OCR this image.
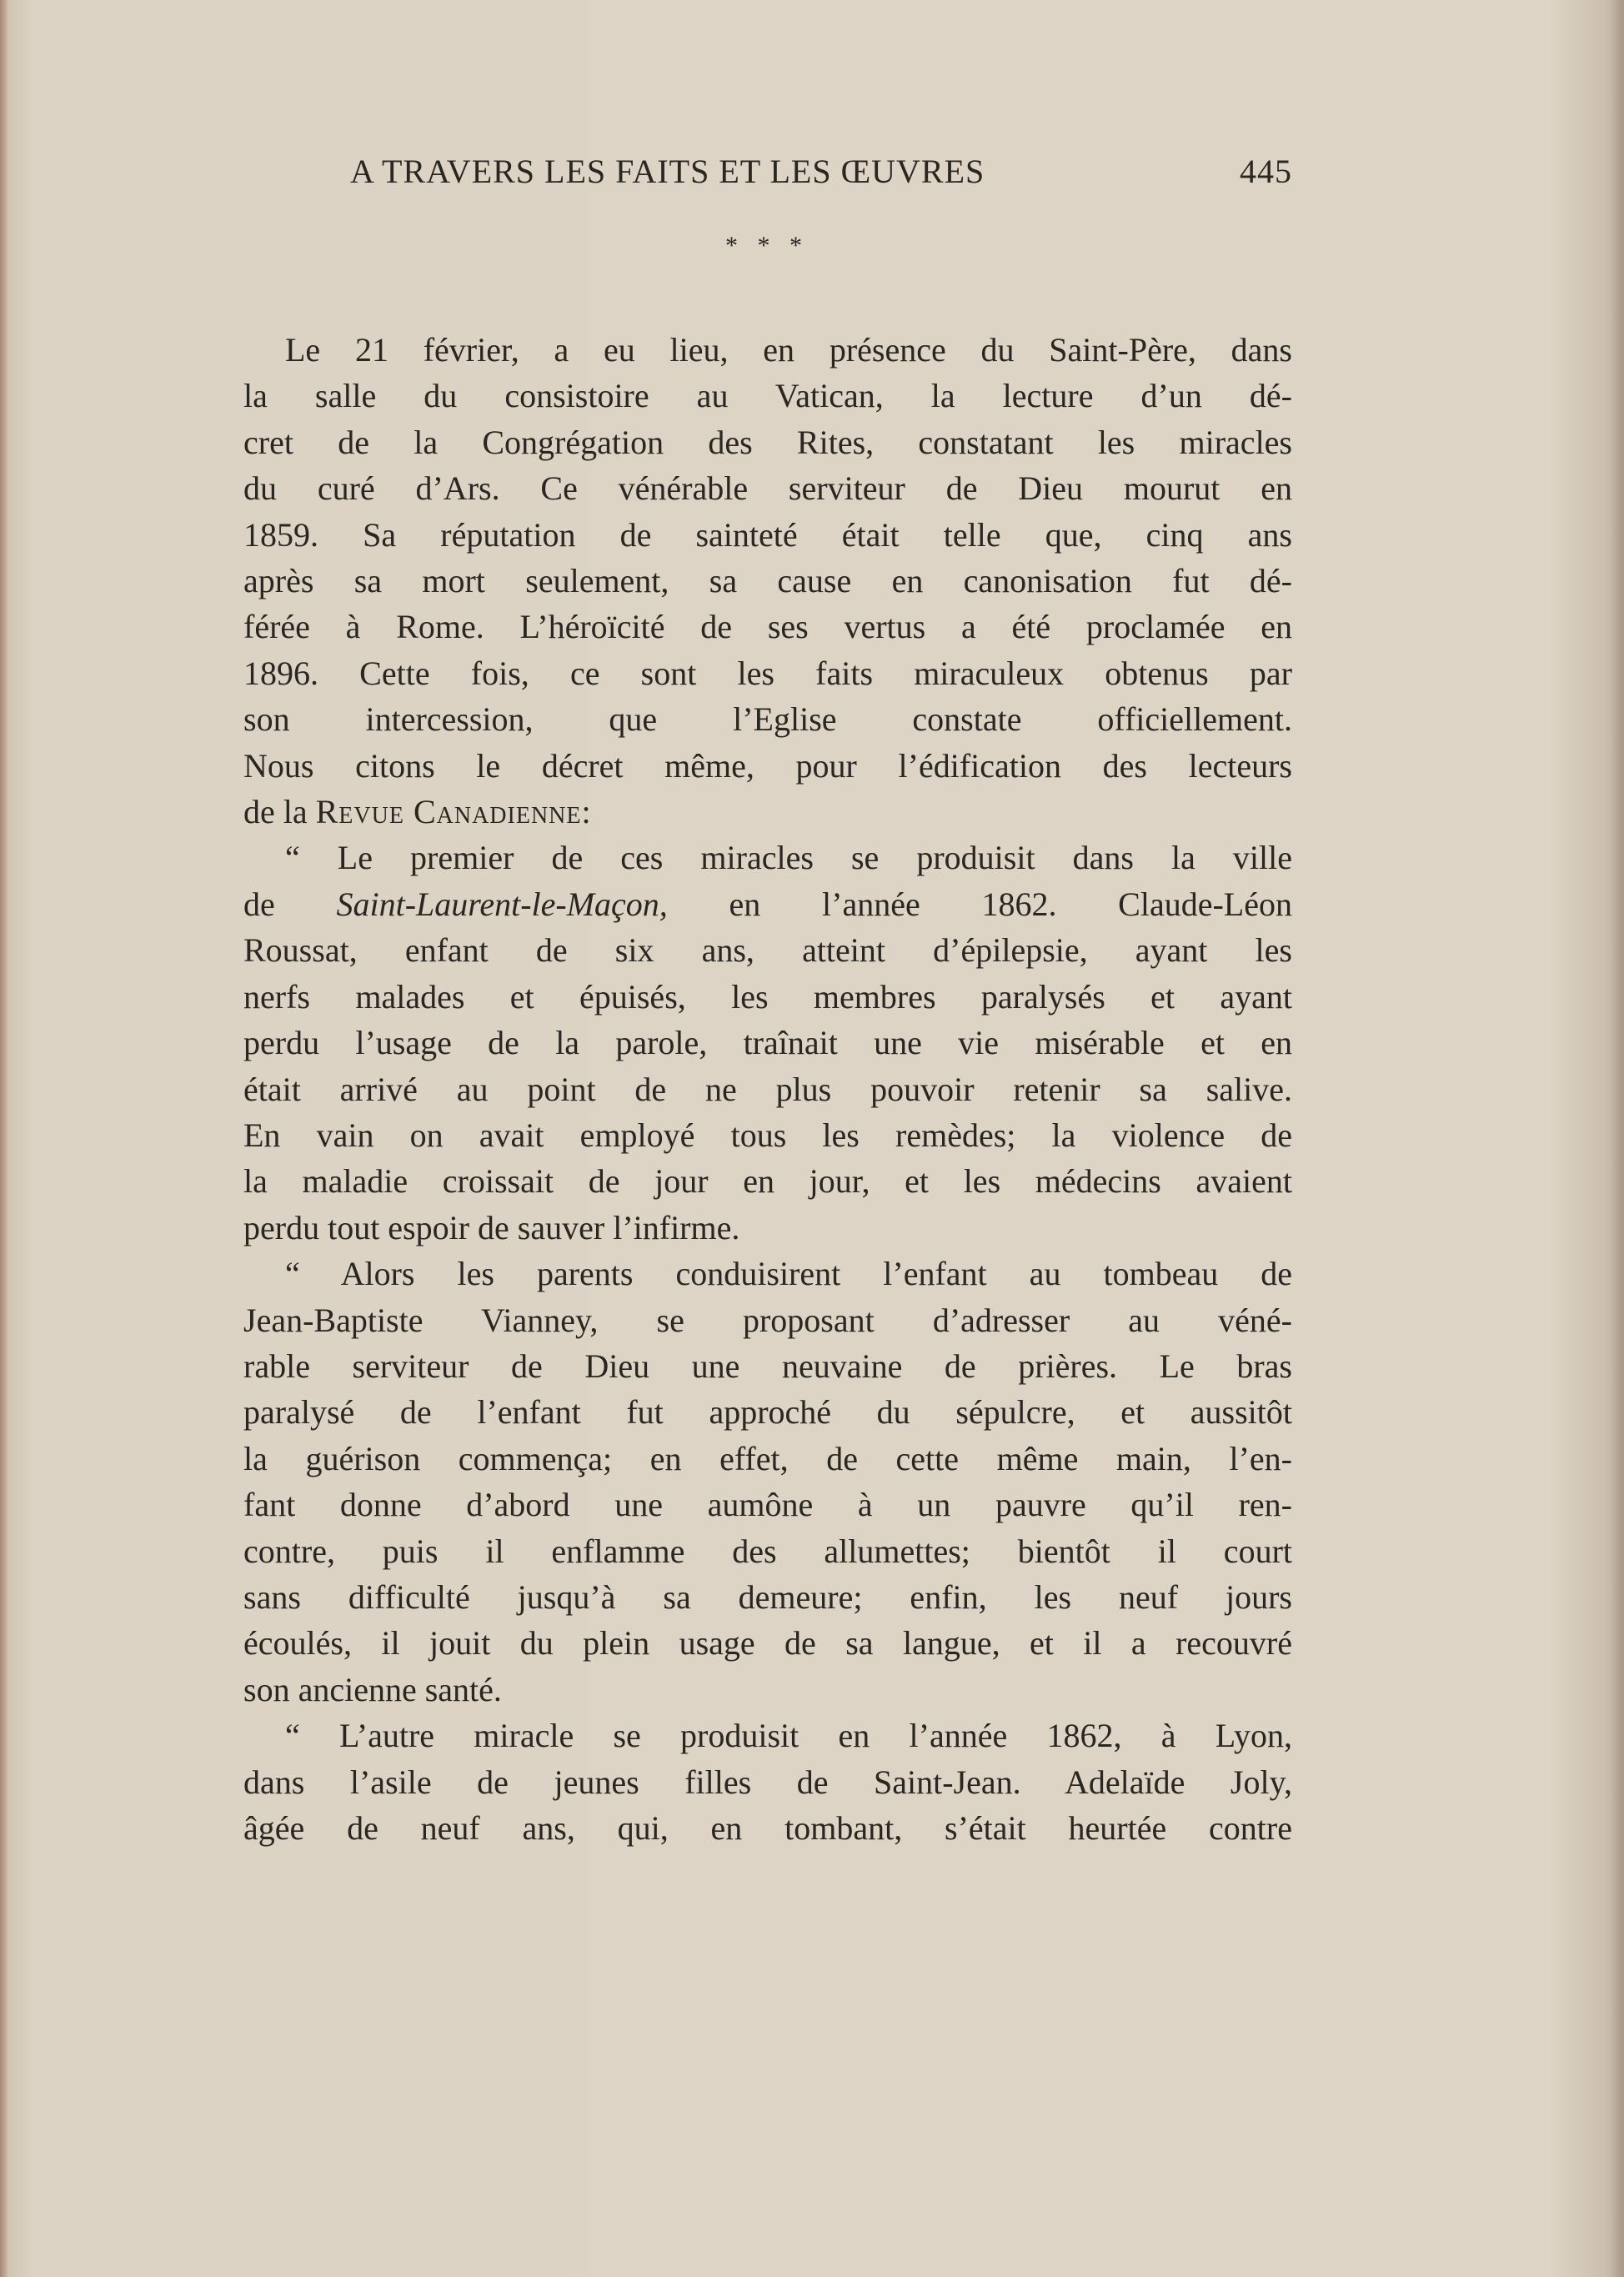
A TRAVERS LES FAITS ET LES ŒUVRES	445
* * *
Le 21 février, a eu lieu, en présence du Saint-Père, dans
la salle du consistoire au Vatican, la lecture d’un dé-
cret de la Congrégation des Rites, constatant les miracles
du curé d’Ars. Ce vénérable serviteur de Dieu mourut en
1859. Sa réputation de sainteté était telle que, cinq ans
après sa mort seulement, sa cause en canonisation fut dé-
férée à Rome. L’héroïcité de ses vertus a été proclamée en
1896. Cette fois, ce sont les faits miraculeux obtenus par
son intercession, que l’Eglise constate officiellement.
Nous citons le décret même, pour l’édification des lecteurs
de la Revue Canadienne:
“ Le premier de ces miracles se produisit dans la ville
de Saint-Laurent-le-Maçon, en l’année 1862. Claude-Léon
Roussat, enfant de six ans, atteint d’épilepsie, ayant les
nerfs malades et épuisés, les membres paralysés et ayant
perdu l’usage de la parole, traînait une vie misérable et en
était arrivé au point de ne plus pouvoir retenir sa salive.
En vain on avait employé tous les remèdes; la violence de
la maladie croissait de jour en jour, et les médecins avaient
perdu tout espoir de sauver l’infirme.
“ Alors les parents conduisirent l’enfant au tombeau de
Jean-Baptiste Vianney, se proposant d’adresser au véné-
rable serviteur de Dieu une neuvaine de prières. Le bras
paralysé de l’enfant fut approché du sépulcre, et aussitôt
la guérison commença; en effet, de cette même main, l’en-
fant donne d’abord une aumône à un pauvre qu’il ren-
contre, puis il enflamme des allumettes; bientôt il court
sans difficulté jusqu’à sa demeure; enfin, les neuf jours
écoulés, il jouit du plein usage de sa langue, et il a recouvré
son ancienne santé.
“ L’autre miracle se produisit en l’année 1862, à Lyon,
dans l’asile de jeunes filles de Saint-Jean. Adelaïde Joly,
âgée de neuf ans, qui, en tombant, s’était heurtée contre
